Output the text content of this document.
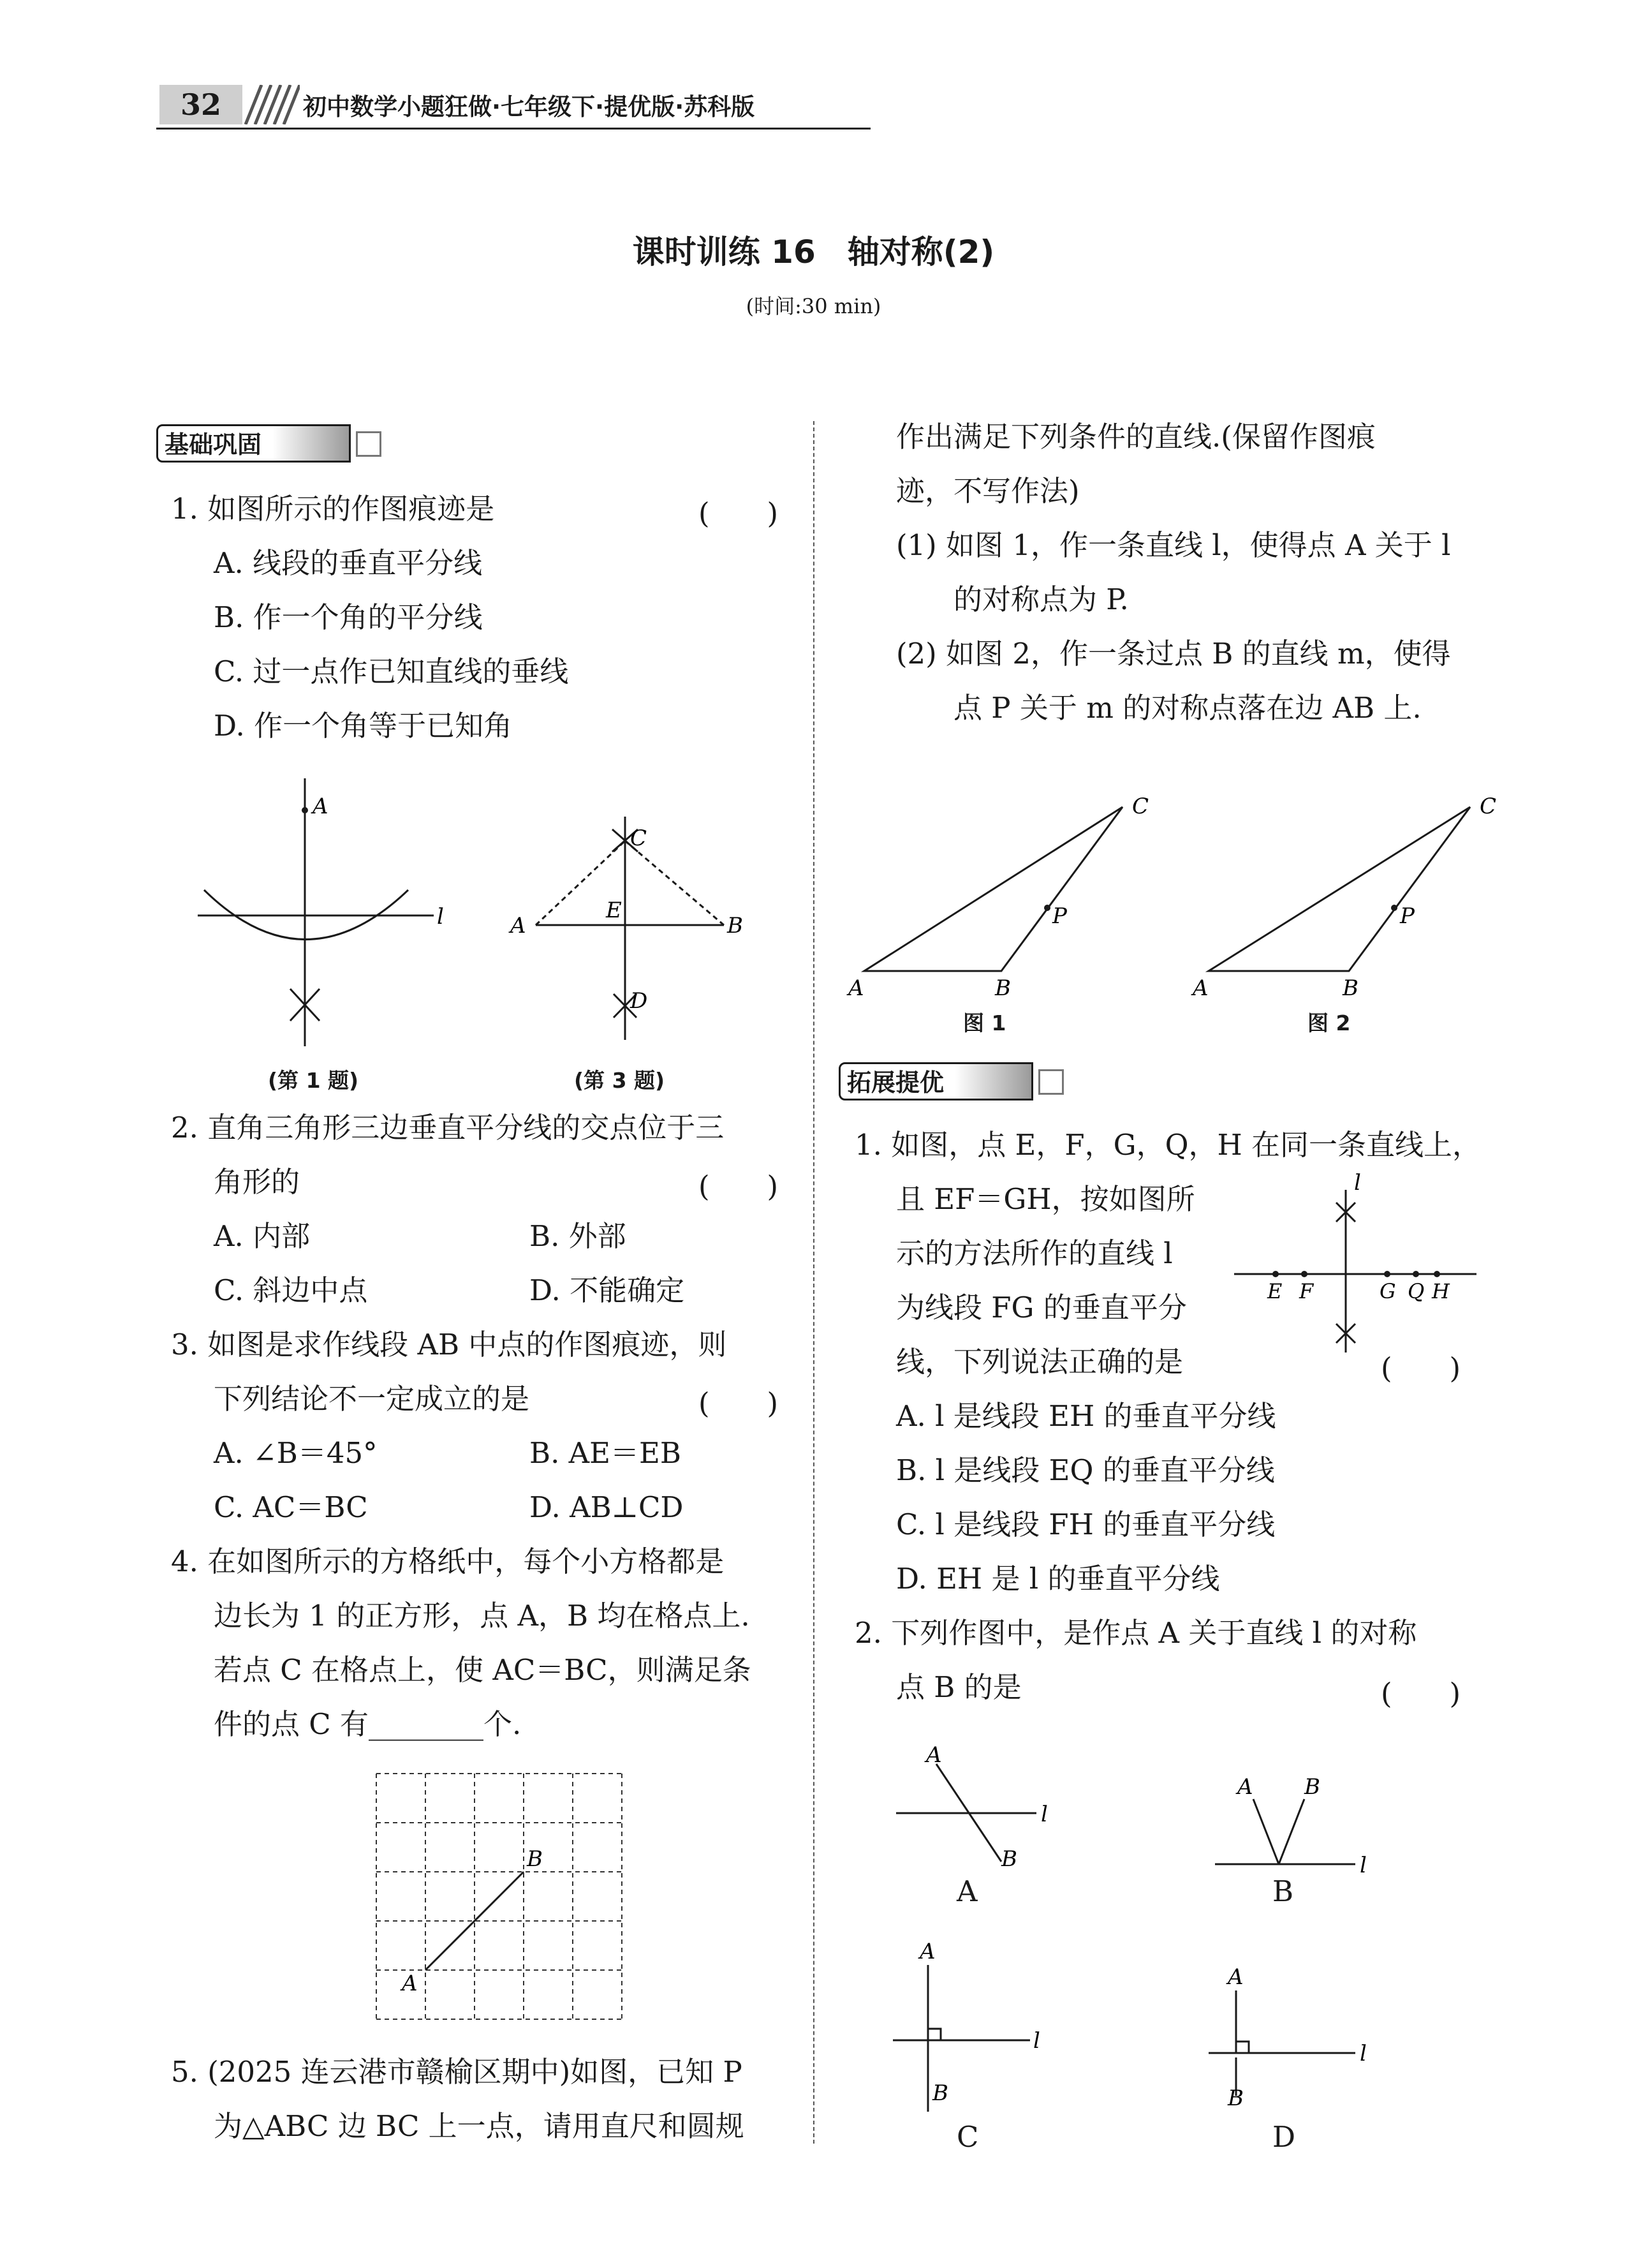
32	初中数学小题狂做·七年级下·提优版·苏科版
课时训练 16　轴对称(2)
(时间:30 min)
基础巩固
1. 如图所示的作图痕迹是	(　　)
A. 线段的垂直平分线
B. 作一个角的平分线
C. 过一点作已知直线的垂线
D. 作一个角等于已知角
A
l
C
A	B
E
D
(第 1 题)	(第 3 题)
2. 直角三角形三边垂直平分线的交点位于三
角形的	(　　)
A. 内部	B. 外部
C. 斜边中点	D. 不能确定
3. 如图是求作线段 AB 中点的作图痕迹，则
下列结论不一定成立的是	(　　)
A. ∠B＝45°	B. AE＝EB
C. AC＝BC	D. AB⊥CD
4. 在如图所示的方格纸中，每个小方格都是
边长为 1 的正方形，点 A，B 均在格点上.
若点 C 在格点上，使 AC＝BC，则满足条
件的点 C 有________个.
B
A
5. (2025 连云港市赣榆区期中)如图，已知 P
为△ABC 边 BC 上一点，请用直尺和圆规
作出满足下列条件的直线.(保留作图痕
迹，不写作法)
(1) 如图 1，作一条直线 l，使得点 A 关于 l
的对称点为 P.
(2) 如图 2，作一条过点 B 的直线 m，使得
点 P 关于 m 的对称点落在边 AB 上.
C
P
A	B
C
P
A	B
图 1	图 2
拓展提优
1. 如图，点 E，F，G，Q，H 在同一条直线上，
且 EF＝GH，按如图所
示的方法所作的直线 l
为线段 FG 的垂直平分
线，下列说法正确的是	(　　)
l
E F	G Q H
A. l 是线段 EH 的垂直平分线
B. l 是线段 EQ 的垂直平分线
C. l 是线段 FH 的垂直平分线
D. EH 是 l 的垂直平分线
2. 下列作图中，是作点 A 关于直线 l 的对称
点 B 的是	(　　)
A
l
B
A B
l
A
l
B
A
l
B
A	B
C	D
